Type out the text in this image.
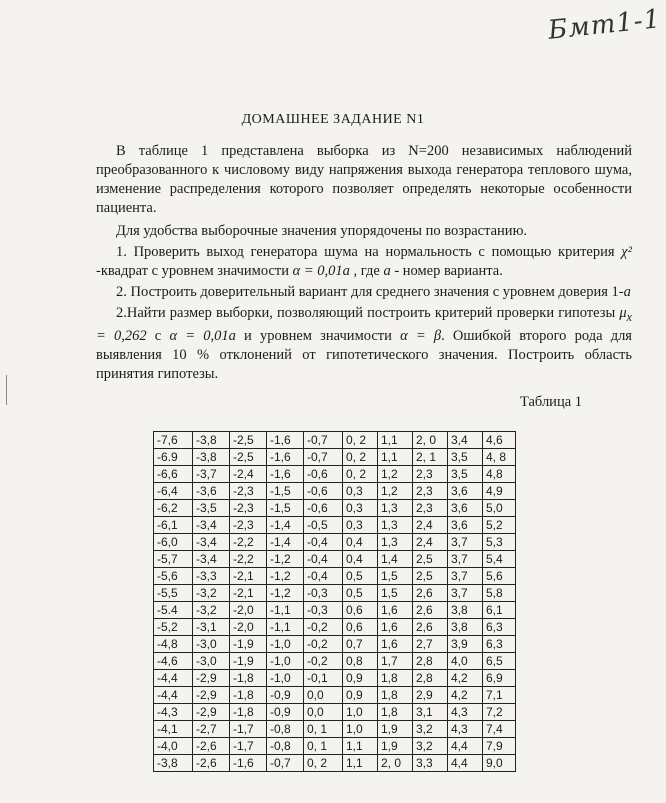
Бмт1-1
ДОМАШНЕЕ ЗАДАНИЕ N1

В таблице 1 представлена выборка из N=200 независимых наблюдений преобразованного к числовому виду напряжения выхода генератора теплового шума, изменение распределения которого позволяет определять некоторые особенности пациента.

Для удобства выборочные значения упорядочены по возрастанию.

1. Проверить выход генератора шума на нормальность с помощью критерия χ² -квадрат с уровнем значимости α = 0,01a , где a - номер варианта.

2. Построить доверительный вариант для среднего значения с уровнем доверия 1-a

2.Найти размер выборки, позволяющий построить критерий проверки гипотезы $\mu_x = 0,262$ с α = 0,01a и уровнем значимости α = β. Ошибкой второго рода для выявления 10 % отклонений от гипотетического значения. Построить область принятия гипотезы.

Таблица 1
-7,6	-3,8	-2,5	-1,6	-0,7	0, 2	1,1	2, 0	3,4	4,6
-6.9	-3,8	-2,5	-1,6	-0,7	0, 2	1,1	2, 1	3,5	4, 8
-6,6	-3,7	-2,4	-1,6	-0,6	0, 2	1,2	2,3	3,5	4,8
-6,4	-3,6	-2,3	-1,5	-0,6	0,3	1,2	2,3	3,6	4,9
-6,2	-3,5	-2,3	-1,5	-0,6	0,3	1,3	2,3	3,6	5,0
-6,1	-3,4	-2,3	-1,4	-0,5	0,3	1,3	2,4	3,6	5,2
-6,0	-3,4	-2,2	-1,4	-0,4	0,4	1,3	2,4	3,7	5,3
-5,7	-3,4	-2,2	-1,2	-0,4	0,4	1,4	2,5	3,7	5,4
-5,6	-3,3	-2,1	-1,2	-0,4	0,5	1,5	2,5	3,7	5,6
-5,5	-3,2	-2,1	-1,2	-0,3	0,5	1,5	2,6	3,7	5,8
-5.4	-3,2	-2,0	-1,1	-0,3	0,6	1,6	2,6	3,8	6,1
-5,2	-3,1	-2,0	-1,1	-0,2	0,6	1,6	2,6	3,8	6,3
-4,8	-3,0	-1,9	-1,0	-0,2	0,7	1,6	2,7	3,9	6,3
-4,6	-3,0	-1,9	-1,0	-0,2	0,8	1,7	2,8	4,0	6,5
-4,4	-2,9	-1,8	-1,0	-0,1	0,9	1,8	2,8	4,2	6,9
-4,4	-2,9	-1,8	-0,9	0,0	0,9	1,8	2,9	4,2	7,1
-4,3	-2,9	-1,8	-0,9	0,0	1,0	1,8	3,1	4,3	7,2
-4,1	-2,7	-1,7	-0,8	0, 1	1,0	1,9	3,2	4,3	7,4
-4,0	-2,6	-1,7	-0,8	0, 1	1,1	1,9	3,2	4,4	7,9
-3,8	-2,6	-1,6	-0,7	0, 2	1,1	2, 0	3,3	4,4	9,0
